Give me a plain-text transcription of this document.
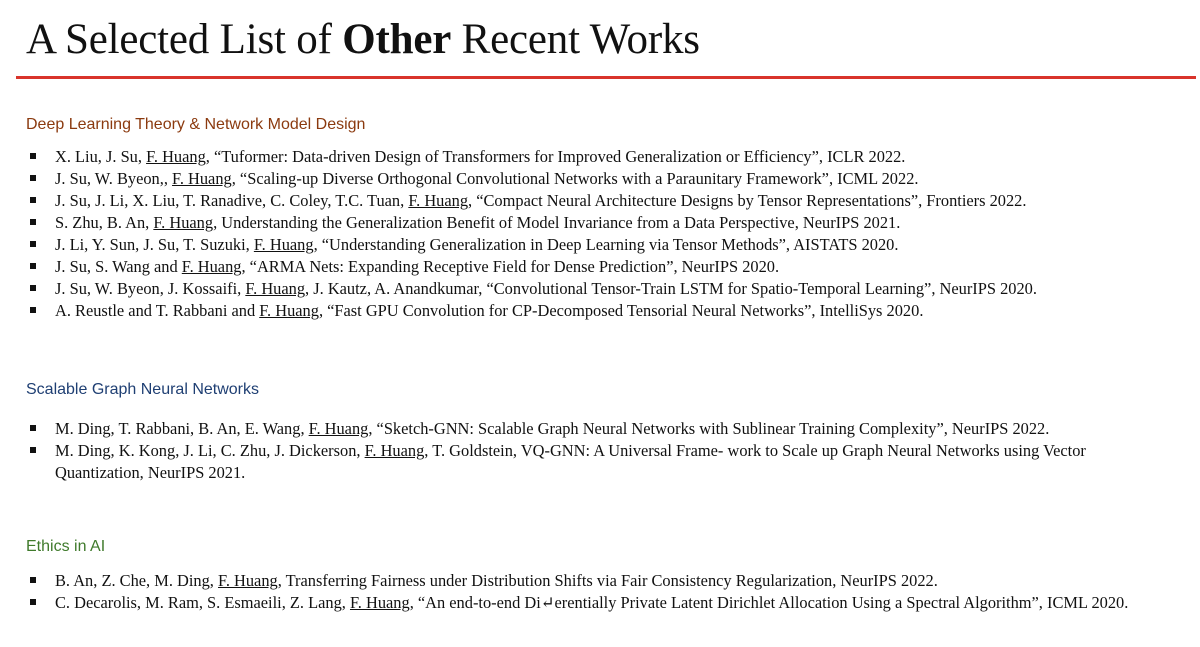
A Selected List of Other Recent Works
Deep Learning Theory & Network Model Design
X. Liu, J. Su, F. Huang, “Tuformer: Data-driven Design of Transformers for Improved Generalization or Efficiency”, ICLR 2022.
J. Su, W. Byeon,, F. Huang, “Scaling-up Diverse Orthogonal Convolutional Networks with a Paraunitary Framework”, ICML 2022.
J. Su, J. Li, X. Liu, T. Ranadive, C. Coley, T.C. Tuan, F. Huang, “Compact Neural Architecture Designs by Tensor Representations”, Frontiers 2022.
S. Zhu, B. An, F. Huang, Understanding the Generalization Benefit of Model Invariance from a Data Perspective, NeurIPS 2021.
J. Li, Y. Sun, J. Su, T. Suzuki, F. Huang, “Understanding Generalization in Deep Learning via Tensor Methods”, AISTATS 2020.
J. Su, S. Wang and F. Huang, “ARMA Nets: Expanding Receptive Field for Dense Prediction”, NeurIPS 2020.
J. Su, W. Byeon, J. Kossaifi, F. Huang, J. Kautz, A. Anandkumar, “Convolutional Tensor-Train LSTM for Spatio-Temporal Learning”, NeurIPS 2020.
A. Reustle and T. Rabbani and F. Huang, “Fast GPU Convolution for CP-Decomposed Tensorial Neural Networks”, IntelliSys 2020.
Scalable Graph Neural Networks
M. Ding, T. Rabbani, B. An, E. Wang, F. Huang, “Sketch-GNN: Scalable Graph Neural Networks with Sublinear Training Complexity”, NeurIPS 2022.
M. Ding, K. Kong, J. Li, C. Zhu, J. Dickerson, F. Huang, T. Goldstein, VQ-GNN: A Universal Frame- work to Scale up Graph Neural Networks using Vector Quantization, NeurIPS 2021.
Ethics in AI
B. An, Z. Che, M. Ding, F. Huang, Transferring Fairness under Distribution Shifts via Fair Consistency Regularization, NeurIPS 2022.
C. Decarolis, M. Ram, S. Esmaeili, Z. Lang, F. Huang, “An end-to-end Di↵erentially Private Latent Dirichlet Allocation Using a Spectral Algorithm”, ICML 2020.
